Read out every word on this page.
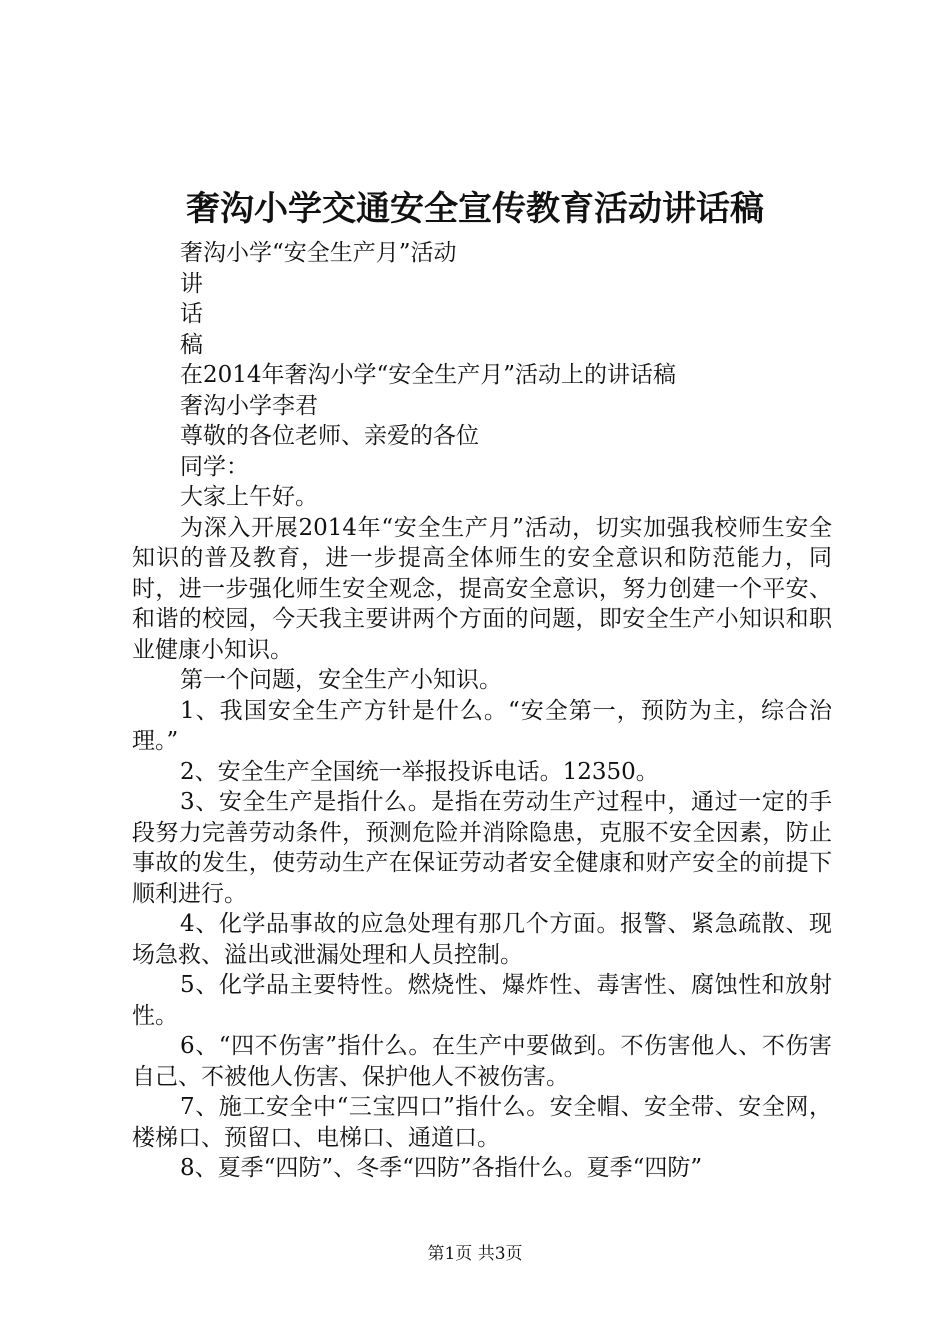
奢沟小学交通安全宣传教育活动讲话稿
奢沟小学“安全生产月”活动
讲
话
稿
在2014年奢沟小学“安全生产月”活动上的讲话稿
奢沟小学李君
尊敬的各位老师、亲爱的各位
同学：
大家上午好。
为深入开展2014年“安全生产月”活动，切实加强我校师生安全知识的普及教育，进一步提高全体师生的安全意识和防范能力，同时，进一步强化师生安全观念，提高安全意识，努力创建一个平安、和谐的校园，今天我主要讲两个方面的问题，即安全生产小知识和职业健康小知识。
第一个问题，安全生产小知识。
1、我国安全生产方针是什么。“安全第一，预防为主，综合治理。”
2、安全生产全国统一举报投诉电话。12350。
3、安全生产是指什么。是指在劳动生产过程中，通过一定的手段努力完善劳动条件，预测危险并消除隐患，克服不安全因素，防止事故的发生，使劳动生产在保证劳动者安全健康和财产安全的前提下顺利进行。
4、化学品事故的应急处理有那几个方面。报警、紧急疏散、现场急救、溢出或泄漏处理和人员控制。
5、化学品主要特性。燃烧性、爆炸性、毒害性、腐蚀性和放射性。
6、“四不伤害”指什么。在生产中要做到。不伤害他人、不伤害自己、不被他人伤害、保护他人不被伤害。
7、施工安全中“三宝四口”指什么。安全帽、安全带、安全网，楼梯口、预留口、电梯口、通道口。
8、夏季“四防”、冬季“四防”各指什么。夏季“四防”
第1页 共3页
